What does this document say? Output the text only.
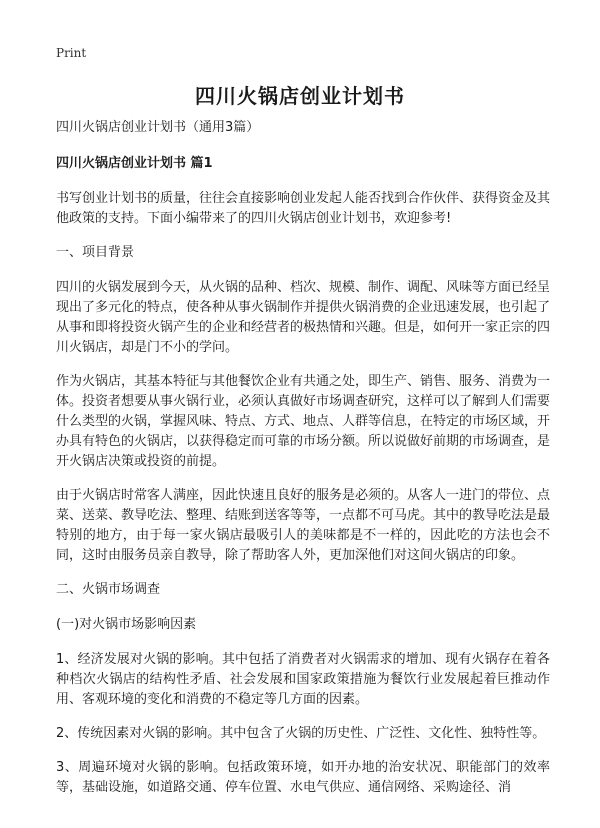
Print
四川火锅店创业计划书

四川火锅店创业计划书（通用3篇）

四川火锅店创业计划书 篇1

书写创业计划书的质量，往往会直接影响创业发起人能否找到合作伙伴、获得资金及其他政策的支持。下面小编带来了的四川火锅店创业计划书，欢迎参考!

一、项目背景

四川的火锅发展到今天，从火锅的品种、档次、规模、制作、调配、风味等方面已经呈现出了多元化的特点，使各种从事火锅制作并提供火锅消费的企业迅速发展，也引起了从事和即将投资火锅产生的企业和经营者的极热情和兴趣。但是，如何开一家正宗的四川火锅店，却是门不小的学问。

作为火锅店，其基本特征与其他餐饮企业有共通之处，即生产、销售、服务、消费为一体。投资者想要从事火锅行业，必须认真做好市场调查研究，这样可以了解到人们需要什么类型的火锅，掌握风味、特点、方式、地点、人群等信息，在特定的市场区域，开办具有特色的火锅店，以获得稳定而可靠的市场分额。所以说做好前期的市场调查，是开火锅店决策或投资的前提。

由于火锅店时常客人满座，因此快速且良好的服务是必须的。从客人一进门的带位、点菜、送菜、教导吃法、整理、结账到送客等等，一点都不可马虎。其中的教导吃法是最特别的地方，由于每一家火锅店最吸引人的美味都是不一样的，因此吃的方法也会不同，这时由服务员亲自教导，除了帮助客人外，更加深他们对这间火锅店的印象。

二、火锅市场调查

(一)对火锅市场影响因素

1、经济发展对火锅的影响。其中包括了消费者对火锅需求的增加、现有火锅存在着各种档次火锅店的结构性矛盾、社会发展和国家政策措施为餐饮行业发展起着巨推动作用、客观环境的变化和消费的不稳定等几方面的因素。

2、传统因素对火锅的影响。其中包含了火锅的历史性、广泛性、文化性、独特性等。

3、周遍环境对火锅的影响。包括政策环境，如开办地的治安状况、职能部门的效率等，基础设施，如道路交通、停车位置、水电气供应、通信网络、采购途径、消
